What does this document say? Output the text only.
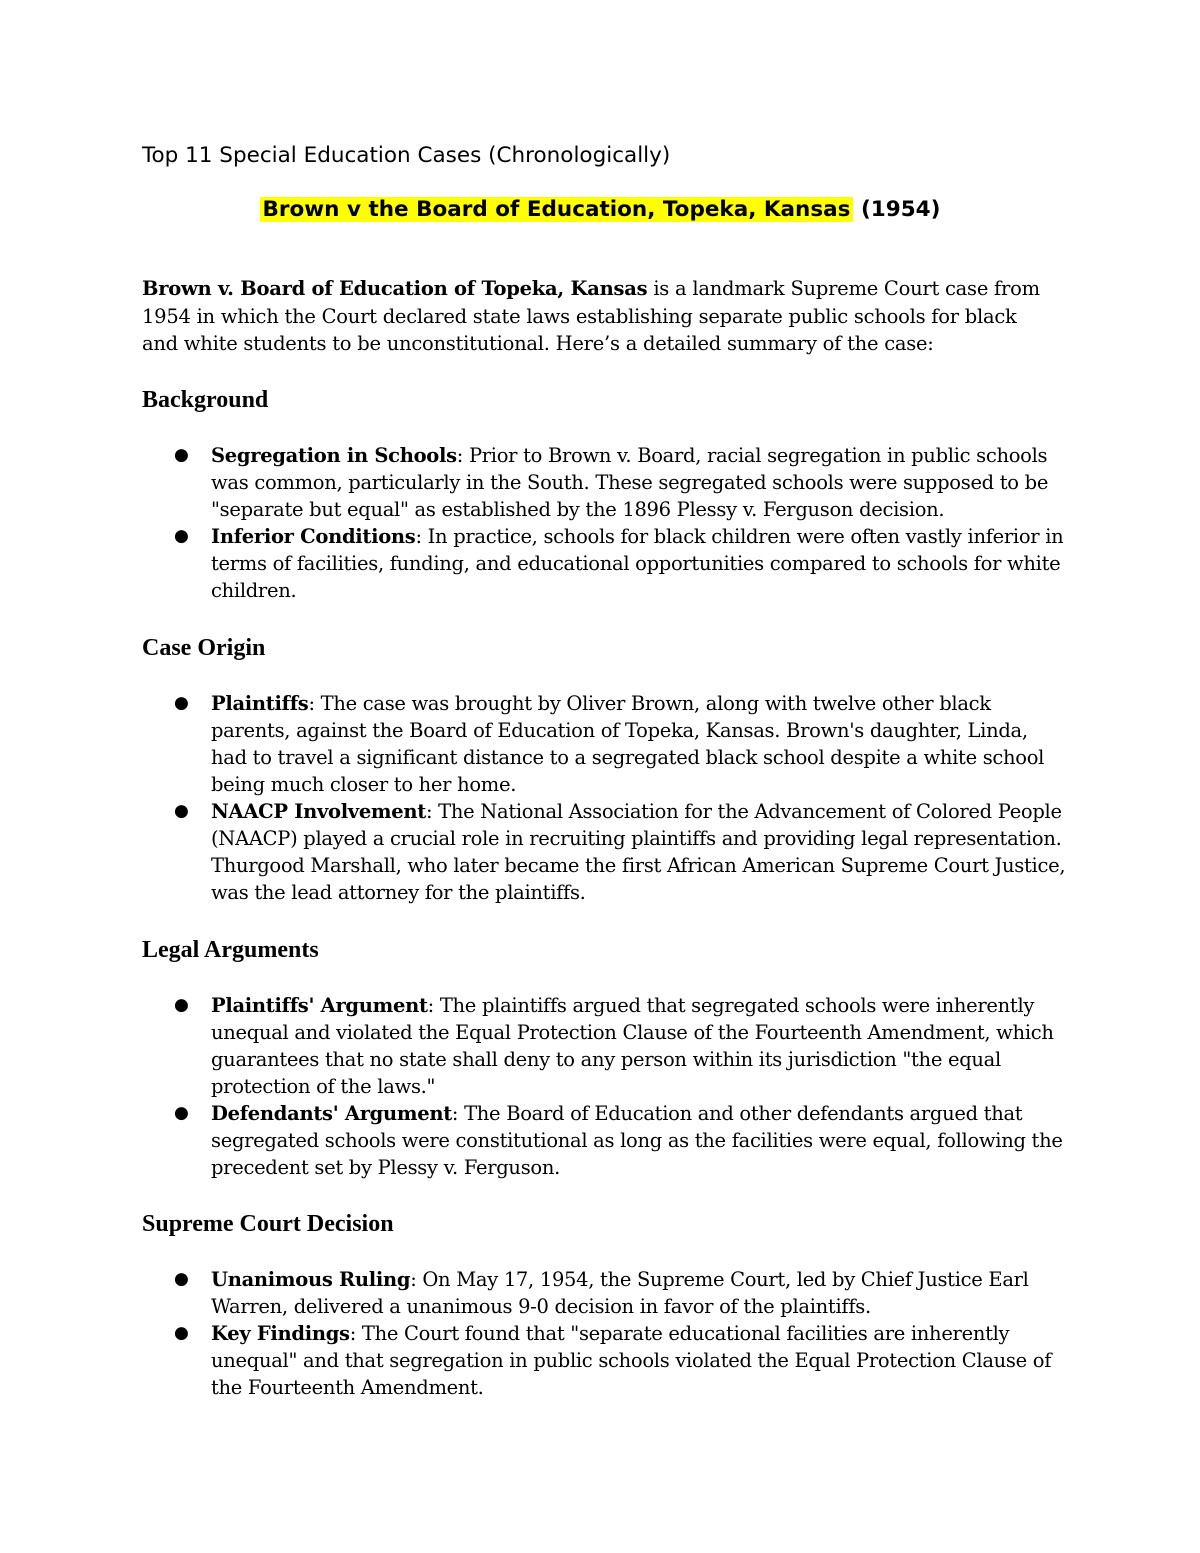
Top 11 Special Education Cases (Chronologically)
Brown v the Board of Education, Topeka, Kansas (1954)
Brown v. Board of Education of Topeka, Kansas is a landmark Supreme Court case from 1954 in which the Court declared state laws establishing separate public schools for black and white students to be unconstitutional. Here’s a detailed summary of the case:
Background
● Segregation in Schools: Prior to Brown v. Board, racial segregation in public schools was common, particularly in the South. These segregated schools were supposed to be "separate but equal" as established by the 1896 Plessy v. Ferguson decision.
● Inferior Conditions: In practice, schools for black children were often vastly inferior in terms of facilities, funding, and educational opportunities compared to schools for white children.
Case Origin
● Plaintiffs: The case was brought by Oliver Brown, along with twelve other black parents, against the Board of Education of Topeka, Kansas. Brown's daughter, Linda, had to travel a significant distance to a segregated black school despite a white school being much closer to her home.
● NAACP Involvement: The National Association for the Advancement of Colored People (NAACP) played a crucial role in recruiting plaintiffs and providing legal representation. Thurgood Marshall, who later became the first African American Supreme Court Justice, was the lead attorney for the plaintiffs.
Legal Arguments
● Plaintiffs' Argument: The plaintiffs argued that segregated schools were inherently unequal and violated the Equal Protection Clause of the Fourteenth Amendment, which guarantees that no state shall deny to any person within its jurisdiction "the equal protection of the laws."
● Defendants' Argument: The Board of Education and other defendants argued that segregated schools were constitutional as long as the facilities were equal, following the precedent set by Plessy v. Ferguson.
Supreme Court Decision
● Unanimous Ruling: On May 17, 1954, the Supreme Court, led by Chief Justice Earl Warren, delivered a unanimous 9-0 decision in favor of the plaintiffs.
● Key Findings: The Court found that "separate educational facilities are inherently unequal" and that segregation in public schools violated the Equal Protection Clause of the Fourteenth Amendment.
